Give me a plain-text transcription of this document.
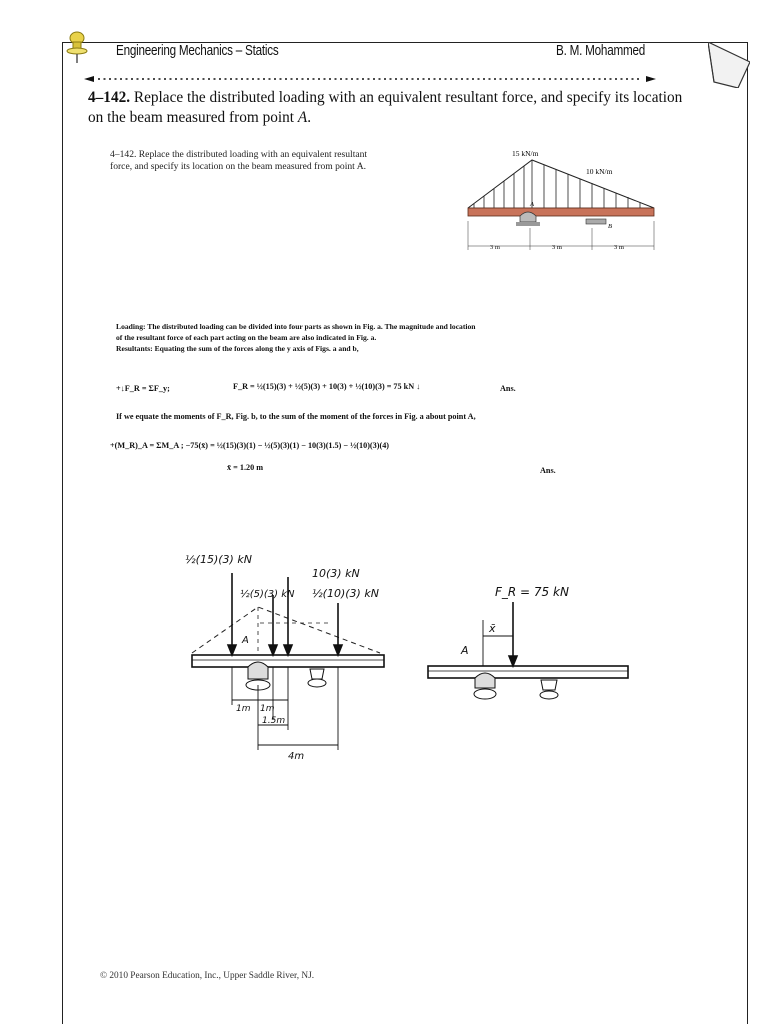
Engineering Mechanics – Statics	B. M. Mohammed
4–142. Replace the distributed loading with an equivalent resultant force, and specify its location on the beam measured from point A.
4–142. Replace the distributed loading with an equivalent resultant force, and specify its location on the beam measured from point A.
15 kN/m
10 kN/m
A
B
3 m	3 m	3 m
Loading: The distributed loading can be divided into four parts as shown in Fig. a. The magnitude and location
of the resultant force of each part acting on the beam are also indicated in Fig. a.
Resultants: Equating the sum of the forces along the y axis of Figs. a and b,
+↓F_R = ΣF_y;	F_R = ½(15)(3) + ½(5)(3) + 10(3) + ½(10)(3) = 75 kN ↓	Ans.
If we equate the moments of F_R, Fig. b, to the sum of the moment of the forces in Fig. a about point A,
+(M_R)_A = ΣM_A ; −75(x̄) = ½(15)(3)(1) − ½(5)(3)(1) − 10(3)(1.5) − ½(10)(3)(4)
x̄ = 1.20 m	Ans.
½(15)(3) kN
10(3) kN
½(5)(3) kN ½(10)(3) kN
A
1m 1m
1.5m
4m
F_R = 75 kN
x̄
A
© 2010 Pearson Education, Inc., Upper Saddle River, NJ.
